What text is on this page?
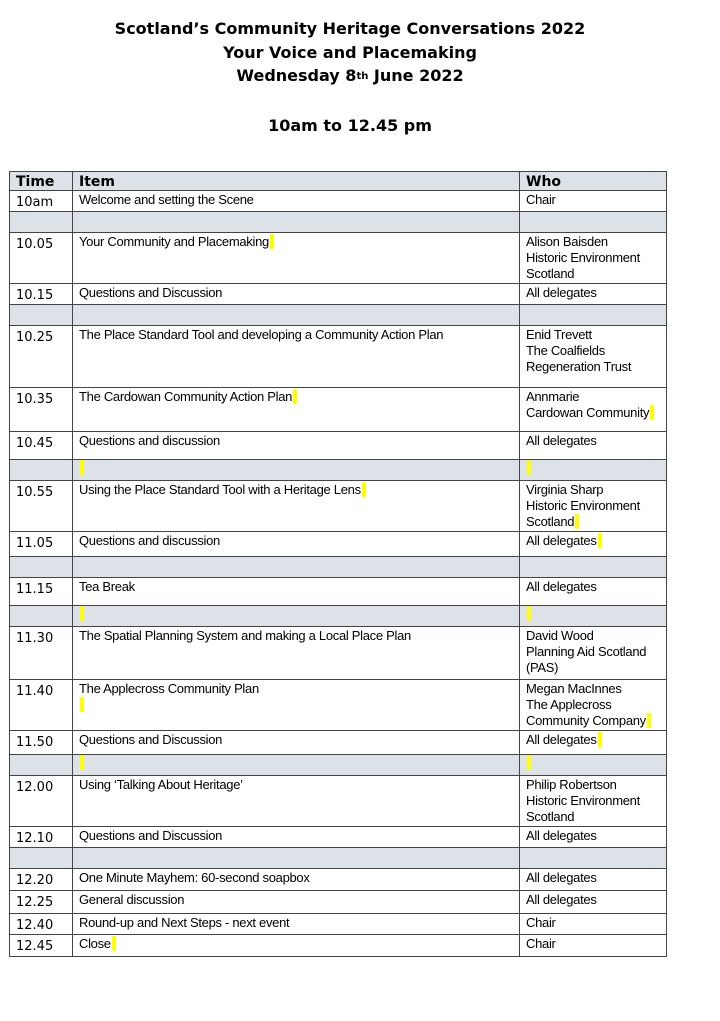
Scotland’s Community Heritage Conversations 2022
Your Voice and Placemaking
Wednesday 8th June 2022
10am to 12.45 pm
Time	Item	Who
10am	Welcome and setting the Scene	Chair

10.05	Your Community and Placemaking	Alison Baisden
Historic Environment
Scotland
10.15	Questions and Discussion	All delegates

10.25	The Place Standard Tool and developing a Community Action Plan	Enid Trevett
The Coalfields
Regeneration Trust
10.35	The Cardowan Community Action Plan	Annmarie
Cardowan Community
10.45	Questions and discussion	All delegates

10.55	Using the Place Standard Tool with a Heritage Lens	Virginia Sharp
Historic Environment
Scotland
11.05	Questions and discussion	All delegates

11.15	Tea Break	All delegates

11.30	The Spatial Planning System and making a Local Place Plan	David Wood
Planning Aid Scotland
(PAS)
11.40	The Applecross Community Plan	Megan MacInnes
The Applecross
Community Company
11.50	Questions and Discussion	All delegates

12.00	Using ‘Talking About Heritage’	Philip Robertson
Historic Environment
Scotland
12.10	Questions and Discussion	All delegates

12.20	One Minute Mayhem: 60-second soapbox	All delegates
12.25	General discussion	All delegates
12.40	Round-up and Next Steps - next event	Chair
12.45	Close	Chair
